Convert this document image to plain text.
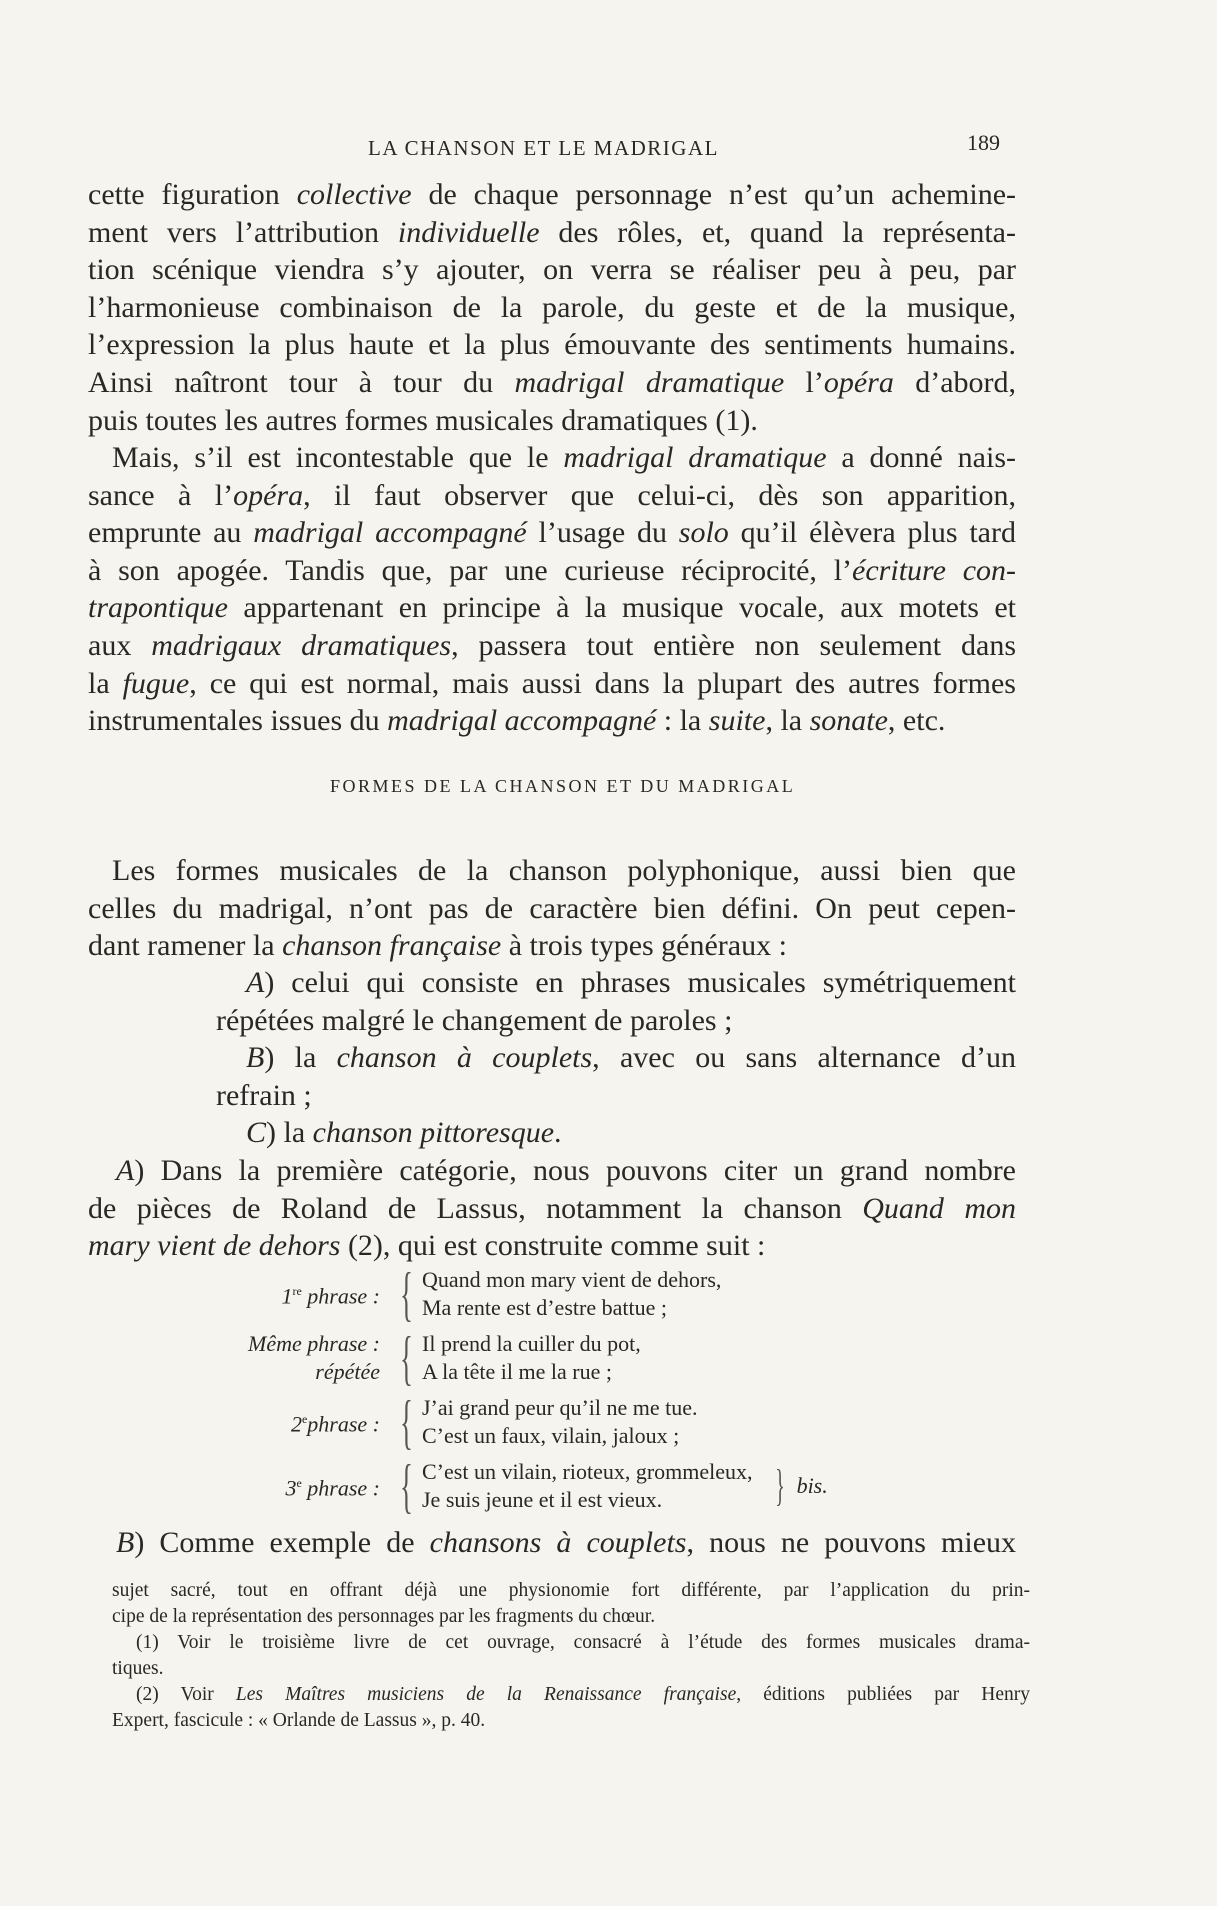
LA CHANSON ET LE MADRIGAL	189

cette figuration collective de chaque personnage n’est qu’un achemine-

ment vers l’attribution individuelle des rôles, et, quand la représenta-

tion scénique viendra s’y ajouter, on verra se réaliser peu à peu, par

l’harmonieuse combinaison de la parole, du geste et de la musique,

l’expression la plus haute et la plus émouvante des sentiments humains.

Ainsi naîtront tour à tour du madrigal dramatique l’opéra d’abord,

puis toutes les autres formes musicales dramatiques (1).

Mais, s’il est incontestable que le madrigal dramatique a donné nais-

sance à l’opéra, il faut observer que celui-ci, dès son apparition,

emprunte au madrigal accompagné l’usage du solo qu’il élèvera plus tard

à son apogée. Tandis que, par une curieuse réciprocité, l’écriture con-

trapontique appartenant en principe à la musique vocale, aux motets et

aux madrigaux dramatiques, passera tout entière non seulement dans

la fugue, ce qui est normal, mais aussi dans la plupart des autres formes

instrumentales issues du madrigal accompagné : la suite, la sonate, etc.

FORMES DE LA CHANSON ET DU MADRIGAL

Les formes musicales de la chanson polyphonique, aussi bien que

celles du madrigal, n’ont pas de caractère bien défini. On peut cepen-

dant ramener la chanson française à trois types généraux :

A) celui qui consiste en phrases musicales symétriquement

répétées malgré le changement de paroles ;

B) la chanson à couplets, avec ou sans alternance d’un

refrain ;

C) la chanson pittoresque.

A) Dans la première catégorie, nous pouvons citer un grand nombre

de pièces de Roland de Lassus, notamment la chanson Quand mon

mary vient de dehors (2), qui est construite comme suit :

1re phrase : { Quand mon mary vient de dehors,
Ma rente est d’estre battue ;
Même phrase :
répétée { Il prend la cuiller du pot,
A la tête il me la rue ;
2ephrase : { J’ai grand peur qu’il ne me tue.
C’est un faux, vilain, jaloux ;
3e phrase : { C’est un vilain, rioteux, grommeleux,
Je suis jeune et il est vieux.	} bis.

B) Comme exemple de chansons à couplets, nous ne pouvons mieux

sujet sacré, tout en offrant déjà une physionomie fort différente, par l’application du prin-

cipe de la représentation des personnages par les fragments du chœur.

(1) Voir le troisième livre de cet ouvrage, consacré à l’étude des formes musicales drama-

tiques.

(2) Voir Les Maîtres musiciens de la Renaissance française, éditions publiées par Henry

Expert, fascicule : « Orlande de Lassus », p. 40.
